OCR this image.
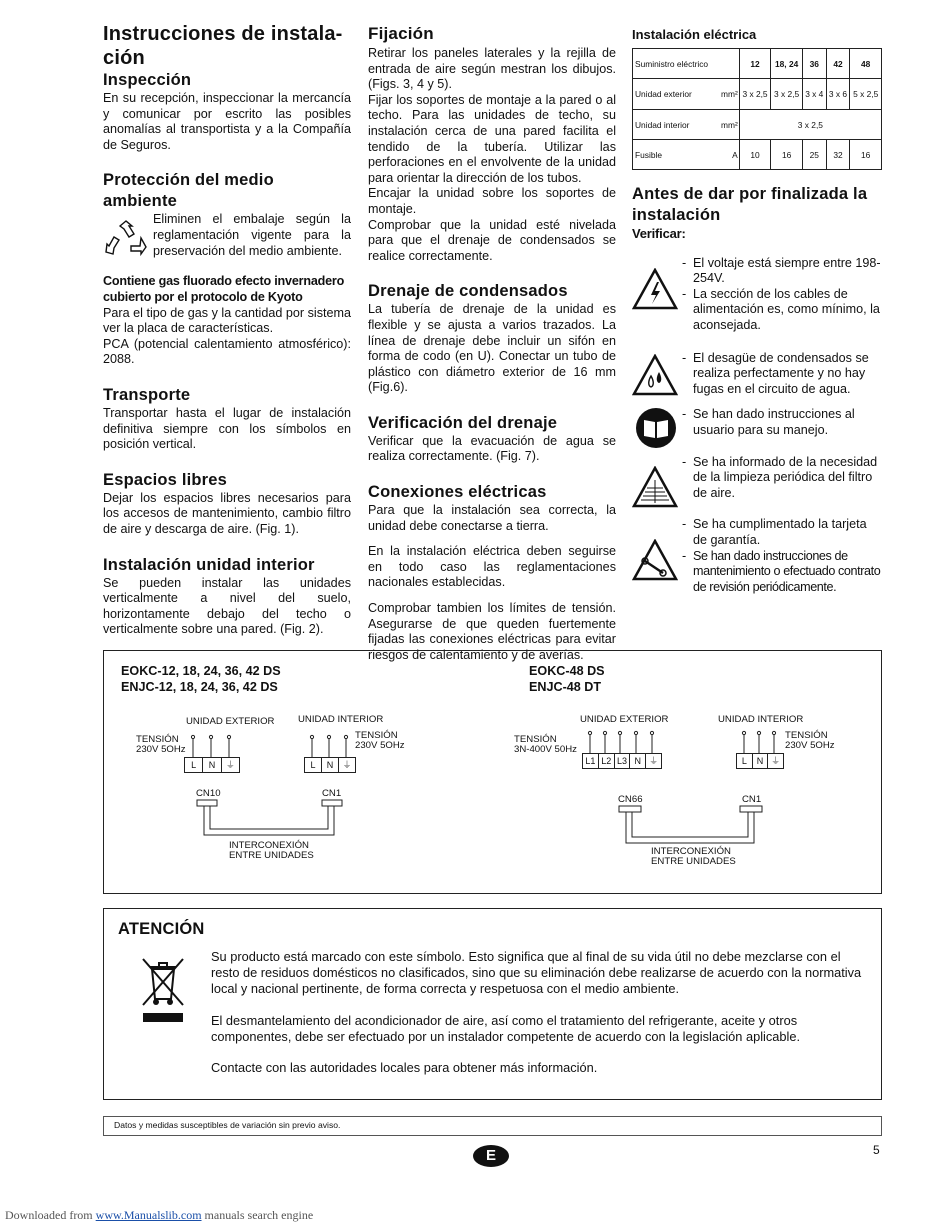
Instrucciones de instala-ción
Inspección

En su recepción, inspeccionar la mercancía y comunicar por escrito las posibles anomalías al transportista y a la Compañía de Seguros.

Protección del medio ambiente

Eliminen el embalaje según la reglamentación vigente para la preservación del medio ambiente.

Contiene gas fluorado efecto invernadero cubierto por el protocolo de Kyoto

Para el tipo de gas y la cantidad por sistema ver la placa de características.

PCA (potencial calentamiento atmosférico): 2088.

Transporte

Transportar hasta el lugar de instalación definitiva siempre con los símbolos en posición vertical.

Espacios libres

Dejar los espacios libres necesarios para los accesos de mantenimiento, cambio filtro de aire y descarga de aire. (Fig. 1).

Instalación unidad interior

Se pueden instalar las unidades verticalmente a nivel del suelo, horizontamente debajo del techo o verticalmente sobre una pared. (Fig. 2).

Fijación

Retirar los paneles laterales y la rejilla de entrada de aire según mestran los dibujos. (Figs. 3, 4 y 5).

Fijar los soportes de montaje a la pared o al techo. Para las unidades de techo, su instalación cerca de una pared facilita el tendido de la tubería. Utilizar las perforaciones en el envolvente de la unidad para orientar la dirección de los tubos.

Encajar la unidad sobre los soportes de montaje.

Comprobar que la unidad esté nivelada para que el drenaje de condensados se realice correctamente.

Drenaje de condensados

La tubería de drenaje de la unidad es flexible y se ajusta a varios trazados. La línea de drenaje debe incluir un sifón en forma de codo (en U). Conectar un tubo de plástico con diámetro exterior de 16 mm (Fig.6).

Verificación del drenaje

Verificar que la evacuación de agua se realiza correctamente. (Fig. 7).

Conexiones eléctricas

Para que la instalación sea correcta, la unidad debe conectarse a tierra.

En la instalación eléctrica deben seguirse en todo caso las reglamentaciones nacionales establecidas.

Comprobar tambien los límites de tensión. Asegurarse de que queden fuertemente fijadas las conexiones eléctricas para evitar riesgos de calentamiento y de averías.

Instalación eléctrica
Suministro eléctrico		12	18, 24	36	42	48
Unidad exterior	mm²	3 x 2,5	3 x 2,5	3 x 4	3 x 6	5 x 2,5
Unidad interior	mm²	3 x 2,5				
Fusible	A	10	16	25	32	16
Antes de dar por finalizada la instalación
Verificar:
- El voltaje está siempre entre 198-254V.
- La sección de los cables de alimentación es, como mínimo, la aconsejada.
- El desagüe de condensados se realiza perfectamente y no hay fugas en el circuito de agua.
- Se han dado instrucciones al usuario para su manejo.
- Se ha informado de la necesidad de la limpieza periódica del filtro de aire.
- Se ha cumplimentado la tarjeta de garantía.
- Se han dado instrucciones de mantenimiento o efectuado contrato de revisión periódicamente.
EOKC-12, 18, 24, 36, 42 DS
ENJC-12, 18, 24, 36, 42 DS
UNIDAD EXTERIOR
TENSIÓN
230V 5OHz
L	N	⏚
UNIDAD INTERIOR
TENSIÓN
230V 5OHz
L	N	⏚
CN10	CN1
INTERCONEXIÓN
ENTRE UNIDADES
EOKC-48 DS
ENJC-48 DT
UNIDAD EXTERIOR
TENSIÓN
3N-400V 50Hz
L1 L2 L3 N ⏚
UNIDAD INTERIOR
TENSIÓN
230V 5OHz
L	N ⏚
CN66	CN1
INTERCONEXIÓN
ENTRE UNIDADES
ATENCIÓN

Su producto está marcado con este símbolo. Esto significa que al final de su vida útil no debe mezclarse con el resto de residuos domésticos no clasificados, sino que su eliminación debe realizarse de acuerdo con la normativa local y nacional pertinente, de forma correcta y respetuosa con el medio ambiente.

El desmantelamiento del acondicionador de aire, así como el tratamiento del refrigerante, aceite y otros componentes, debe ser efectuado por un instalador competente de acuerdo con la legislación aplicable.

Contacte con las autoridades locales para obtener más información.

Datos y medidas susceptibles de variación sin previo aviso.
E	5
Downloaded from www.Manualslib.com manuals search engine
